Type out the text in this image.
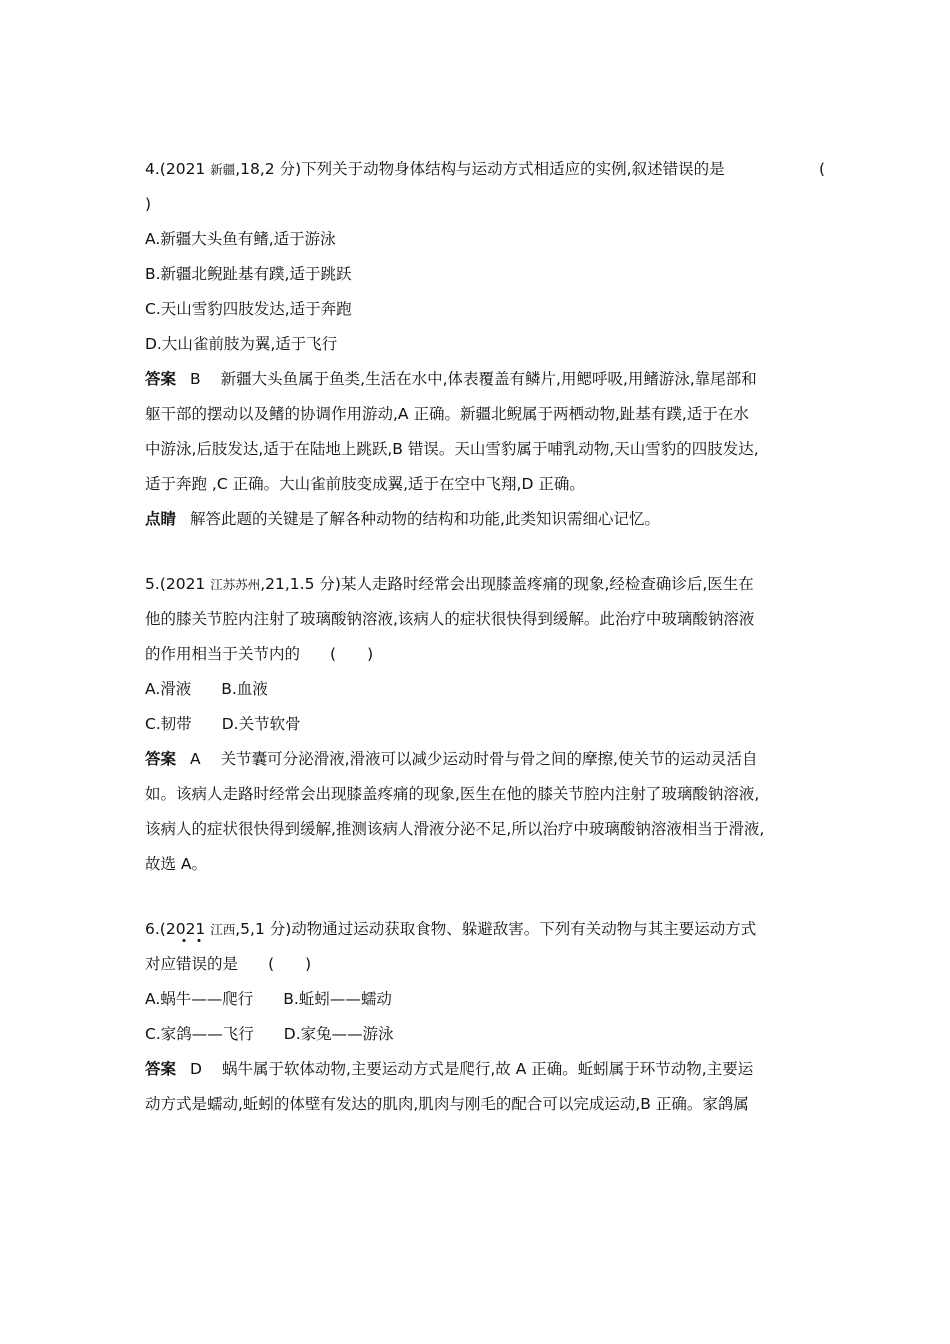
4.(2021 新疆,18,2 分)下列关于动物身体结构与运动方式相适应的实例,叙述错误的是	(
)
A.新疆大头鱼有鳍,适于游泳
B.新疆北鲵趾基有蹼,适于跳跃
C.天山雪豹四肢发达,适于奔跑
D.大山雀前肢为翼,适于飞行
答案 B 新疆大头鱼属于鱼类,生活在水中,体表覆盖有鳞片,用鳃呼吸,用鳍游泳,靠尾部和
躯干部的摆动以及鳍的协调作用游动,A 正确。新疆北鲵属于两栖动物,趾基有蹼,适于在水
中游泳,后肢发达,适于在陆地上跳跃,B 错误。天山雪豹属于哺乳动物,天山雪豹的四肢发达,
适于奔跑 ,C 正确。大山雀前肢变成翼,适于在空中飞翔,D 正确。
点睛 解答此题的关键是了解各种动物的结构和功能,此类知识需细心记忆。
5.(2021 江苏苏州,21,1.5 分)某人走路时经常会出现膝盖疼痛的现象,经检查确诊后,医生在
他的膝关节腔内注射了玻璃酸钠溶液,该病人的症状很快得到缓解。此治疗中玻璃酸钠溶液
的作用相当于关节内的 (　　)
A.滑液 B.血液
C.韧带 D.关节软骨
答案 A 关节囊可分泌滑液,滑液可以减少运动时骨与骨之间的摩擦,使关节的运动灵活自
如。该病人走路时经常会出现膝盖疼痛的现象,医生在他的膝关节腔内注射了玻璃酸钠溶液,
该病人的症状很快得到缓解,推测该病人滑液分泌不足,所以治疗中玻璃酸钠溶液相当于滑液,
故选 A。
6.(2021 江西,5,1 分)动物通过运动获取食物、躲避敌害。下列有关动物与其主要运动方式
对应错误的是 (　　)
A.蜗牛——爬行 B.蚯蚓——蠕动
C.家鸽——飞行 D.家兔——游泳
答案 D 蜗牛属于软体动物,主要运动方式是爬行,故 A 正确。蚯蚓属于环节动物,主要运
动方式是蠕动,蚯蚓的体壁有发达的肌肉,肌肉与刚毛的配合可以完成运动,B 正确。家鸽属
